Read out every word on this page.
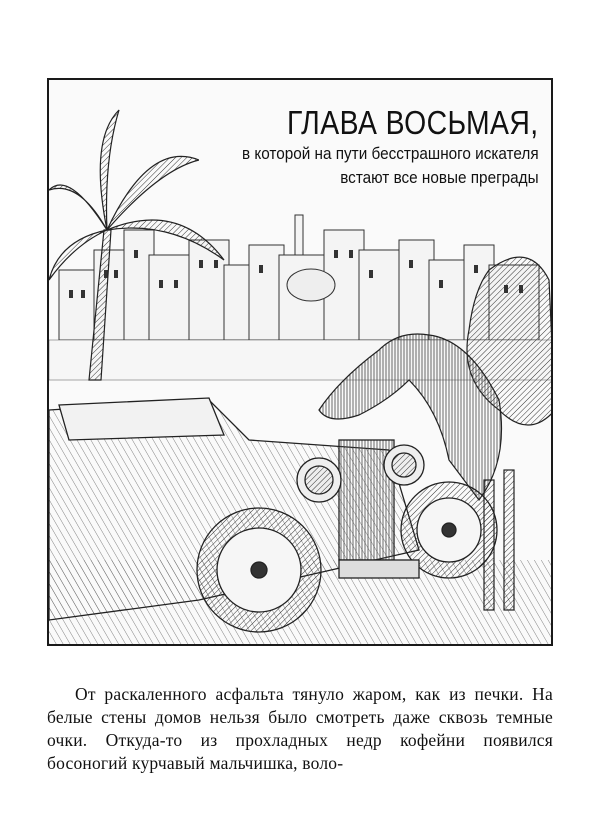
ГЛАВА ВОСЬМАЯ,
в которой на пути бесстрашного искателя
встают все новые преграды

От раскаленного асфальта тянуло жаром, как из печки. На белые стены домов нельзя было смотреть даже сквозь темные очки. Откуда-то из прохладных недр кофейни появился босоногий курчавый мальчишка, воло-
